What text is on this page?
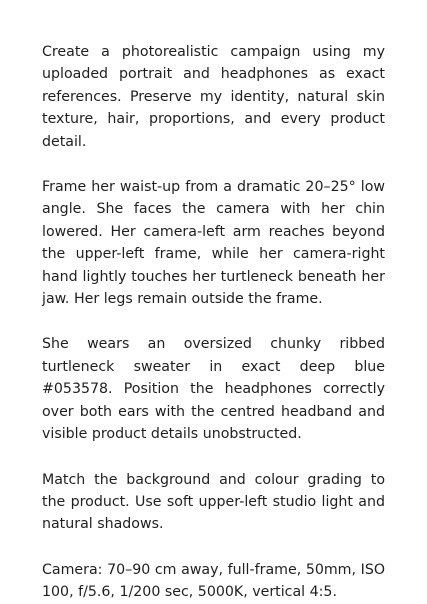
Create a photorealistic campaign using my uploaded portrait and headphones as exact references. Preserve my identity, natural skin texture, hair, proportions, and every product detail.

Frame her waist-up from a dramatic 20–25° low angle. She faces the camera with her chin lowered. Her camera-left arm reaches beyond the upper-left frame, while her camera-right hand lightly touches her turtleneck beneath her jaw. Her legs remain outside the frame.

She wears an oversized chunky ribbed turtleneck sweater in exact deep blue #053578. Position the headphones correctly over both ears with the centred headband and visible product details unobstructed.

Match the background and colour grading to the product. Use soft upper-left studio light and natural shadows.

Camera: 70–90 cm away, full-frame, 50mm, ISO 100, f/5.6, 1/200 sec, 5000K, vertical 4:5.
